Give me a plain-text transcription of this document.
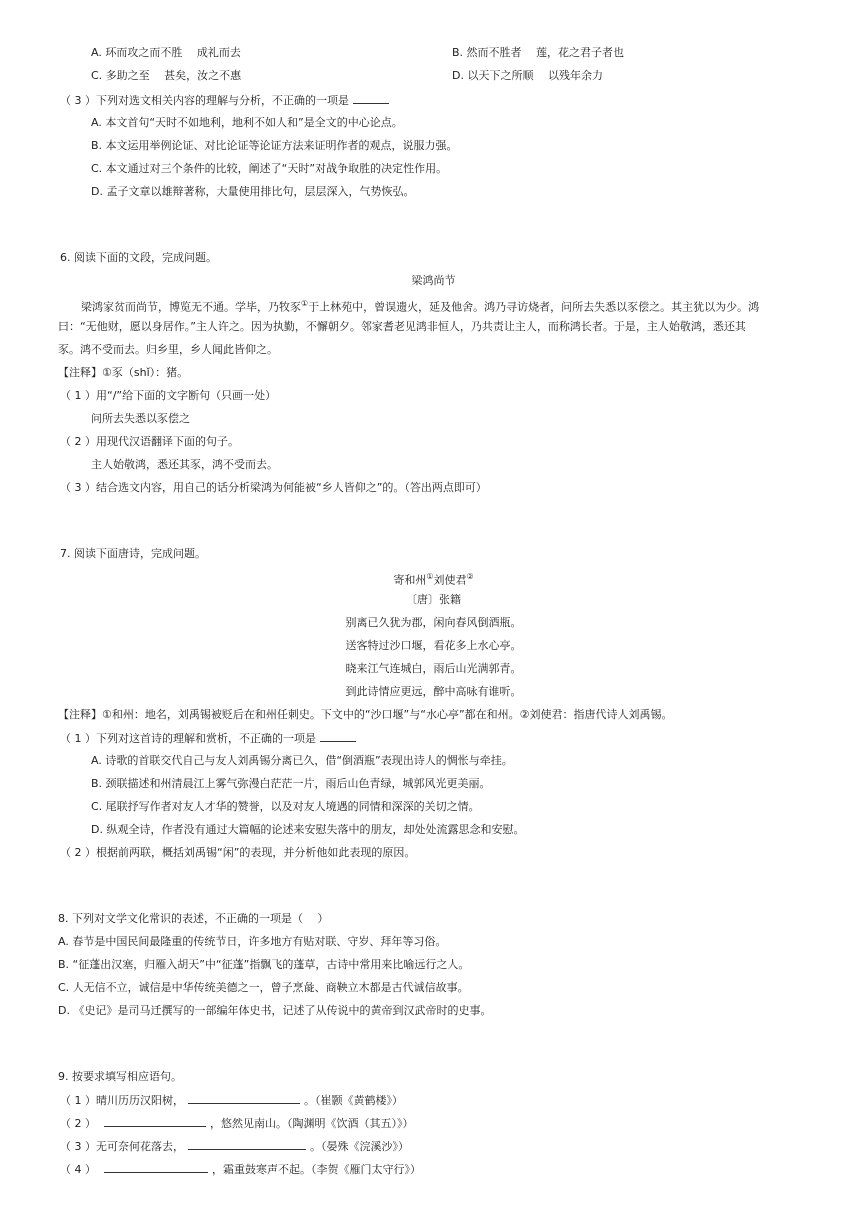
A. 环而攻之而不胜　 成礼而去	B. 然而不胜者　 莲，花之君子者也
C. 多助之至　 甚矣，汝之不惠	D. 以天下之所顺　 以残年余力
（ 3 ）下列对选文相关内容的理解与分析，不正确的一项是
A. 本文首句“天时不如地利，地利不如人和”是全文的中心论点。
B. 本文运用举例论证、对比论证等论证方法来证明作者的观点，说服力强。
C. 本文通过对三个条件的比较，阐述了“天时”对战争取胜的决定性作用。
D. 孟子文章以雄辩著称，大量使用排比句，层层深入，气势恢弘。
6. 阅读下面的文段，完成问题。
梁鸿尚节
梁鸿家贫而尚节，博览无不通。学毕，乃牧豕①于上林苑中，曾误遗火，延及他舍。鸿乃寻访烧者，问所去失悉以豕偿之。其主犹以为少。鸿
曰：“无他财，愿以身居作。”主人许之。因为执勤，不懈朝夕。邻家耆老见鸿非恒人，乃共责让主人，而称鸿长者。于是，主人始敬鸿，悉还其
豕。鸿不受而去。归乡里，乡人闻此皆仰之。
【注释】①豕（shǐ）：猪。
（ 1 ）用“/”给下面的文字断句（只画一处）
问所去失悉以豕偿之
（ 2 ）用现代汉语翻译下面的句子。
主人始敬鸿，悉还其豕，鸿不受而去。
（ 3 ）结合选文内容，用自己的话分析梁鸿为何能被“乡人皆仰之”的。（答出两点即可）
7. 阅读下面唐诗，完成问题。
寄和州①刘使君②
〔唐〕张籍
别离已久犹为郡，闲向春风倒酒瓶。
送客特过沙口堰，看花多上水心亭。
晓来江气连城白，雨后山光满郭青。
到此诗情应更远，醉中高咏有谁听。
【注释】①和州：地名，刘禹锡被贬后在和州任刺史。下文中的“沙口堰”与“水心亭”都在和州。②刘使君：指唐代诗人刘禹锡。
（ 1 ）下列对这首诗的理解和赏析，不正确的一项是
A. 诗歌的首联交代自己与友人刘禹锡分离已久，借“倒酒瓶”表现出诗人的惆怅与牵挂。
B. 颈联描述和州清晨江上雾气弥漫白茫茫一片，雨后山色青绿，城郭风光更美丽。
C. 尾联抒写作者对友人才华的赞誉，以及对友人境遇的同情和深深的关切之情。
D. 纵观全诗，作者没有通过大篇幅的论述来安慰失落中的朋友，却处处流露思念和安慰。
（ 2 ）根据前两联，概括刘禹锡“闲”的表现，并分析他如此表现的原因。
8. 下列对文学文化常识的表述，不正确的一项是（　 ）
A. 春节是中国民间最隆重的传统节日，许多地方有贴对联、守岁、拜年等习俗。
B. “征蓬出汉塞，归雁入胡天”中“征蓬”指飘飞的蓬草，古诗中常用来比喻远行之人。
C. 人无信不立，诚信是中华传统美德之一，曾子烹彘、商鞅立木都是古代诚信故事。
D. 《史记》是司马迁撰写的一部编年体史书，记述了从传说中的黄帝到汉武帝时的史事。
9. 按要求填写相应语句。
（ 1 ）晴川历历汉阳树，	。（崔颢《黄鹤楼》）
（ 2 ）	，悠然见南山。（陶渊明《饮酒（其五）》）
（ 3 ）无可奈何花落去，	。（晏殊《浣溪沙》）
（ 4 ）	，霜重鼓寒声不起。（李贺《雁门太守行》）
